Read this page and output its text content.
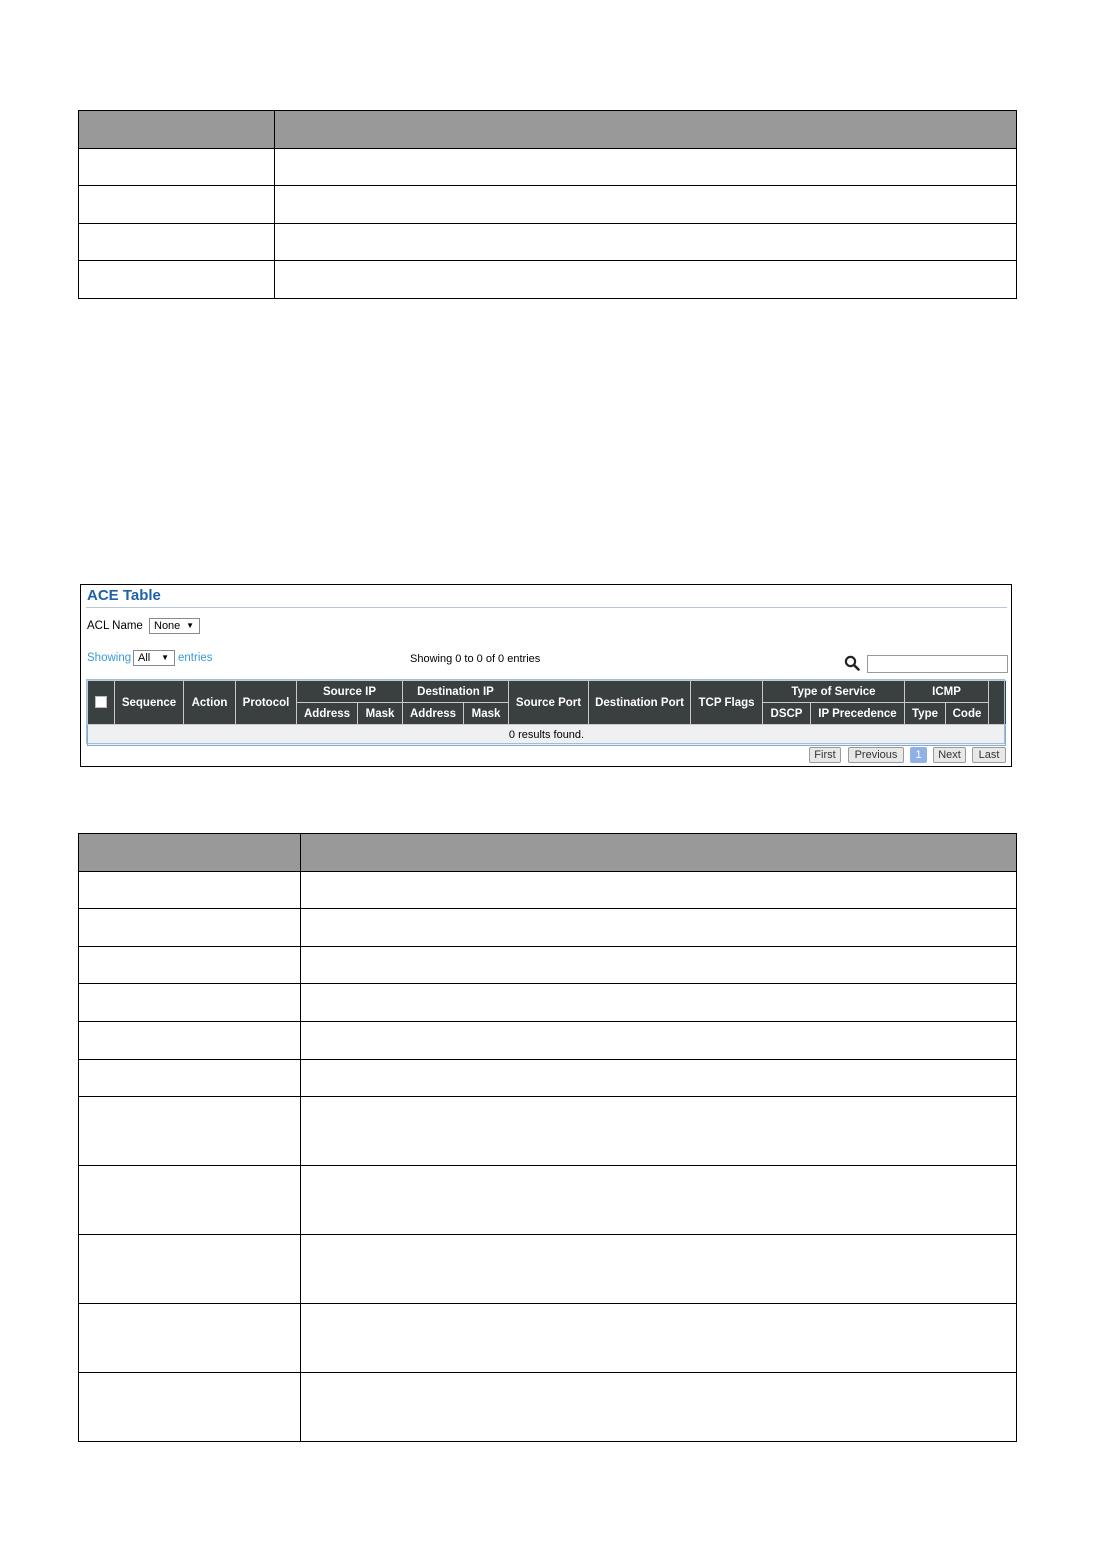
ACE Table
ACL Name	None ▼
Showing All ▼ entries	Showing 0 to 0 of 0 entries
	Sequence	Action	Protocol	Source IP		Destination IP		Source Port	Destination Port	TCP Flags	Type of Service		ICMP		
				Address	Mask	Address	Mask				DSCP	IP Precedence	Type	Code	
0 results found.															
First	Previous	1	Next	Last
